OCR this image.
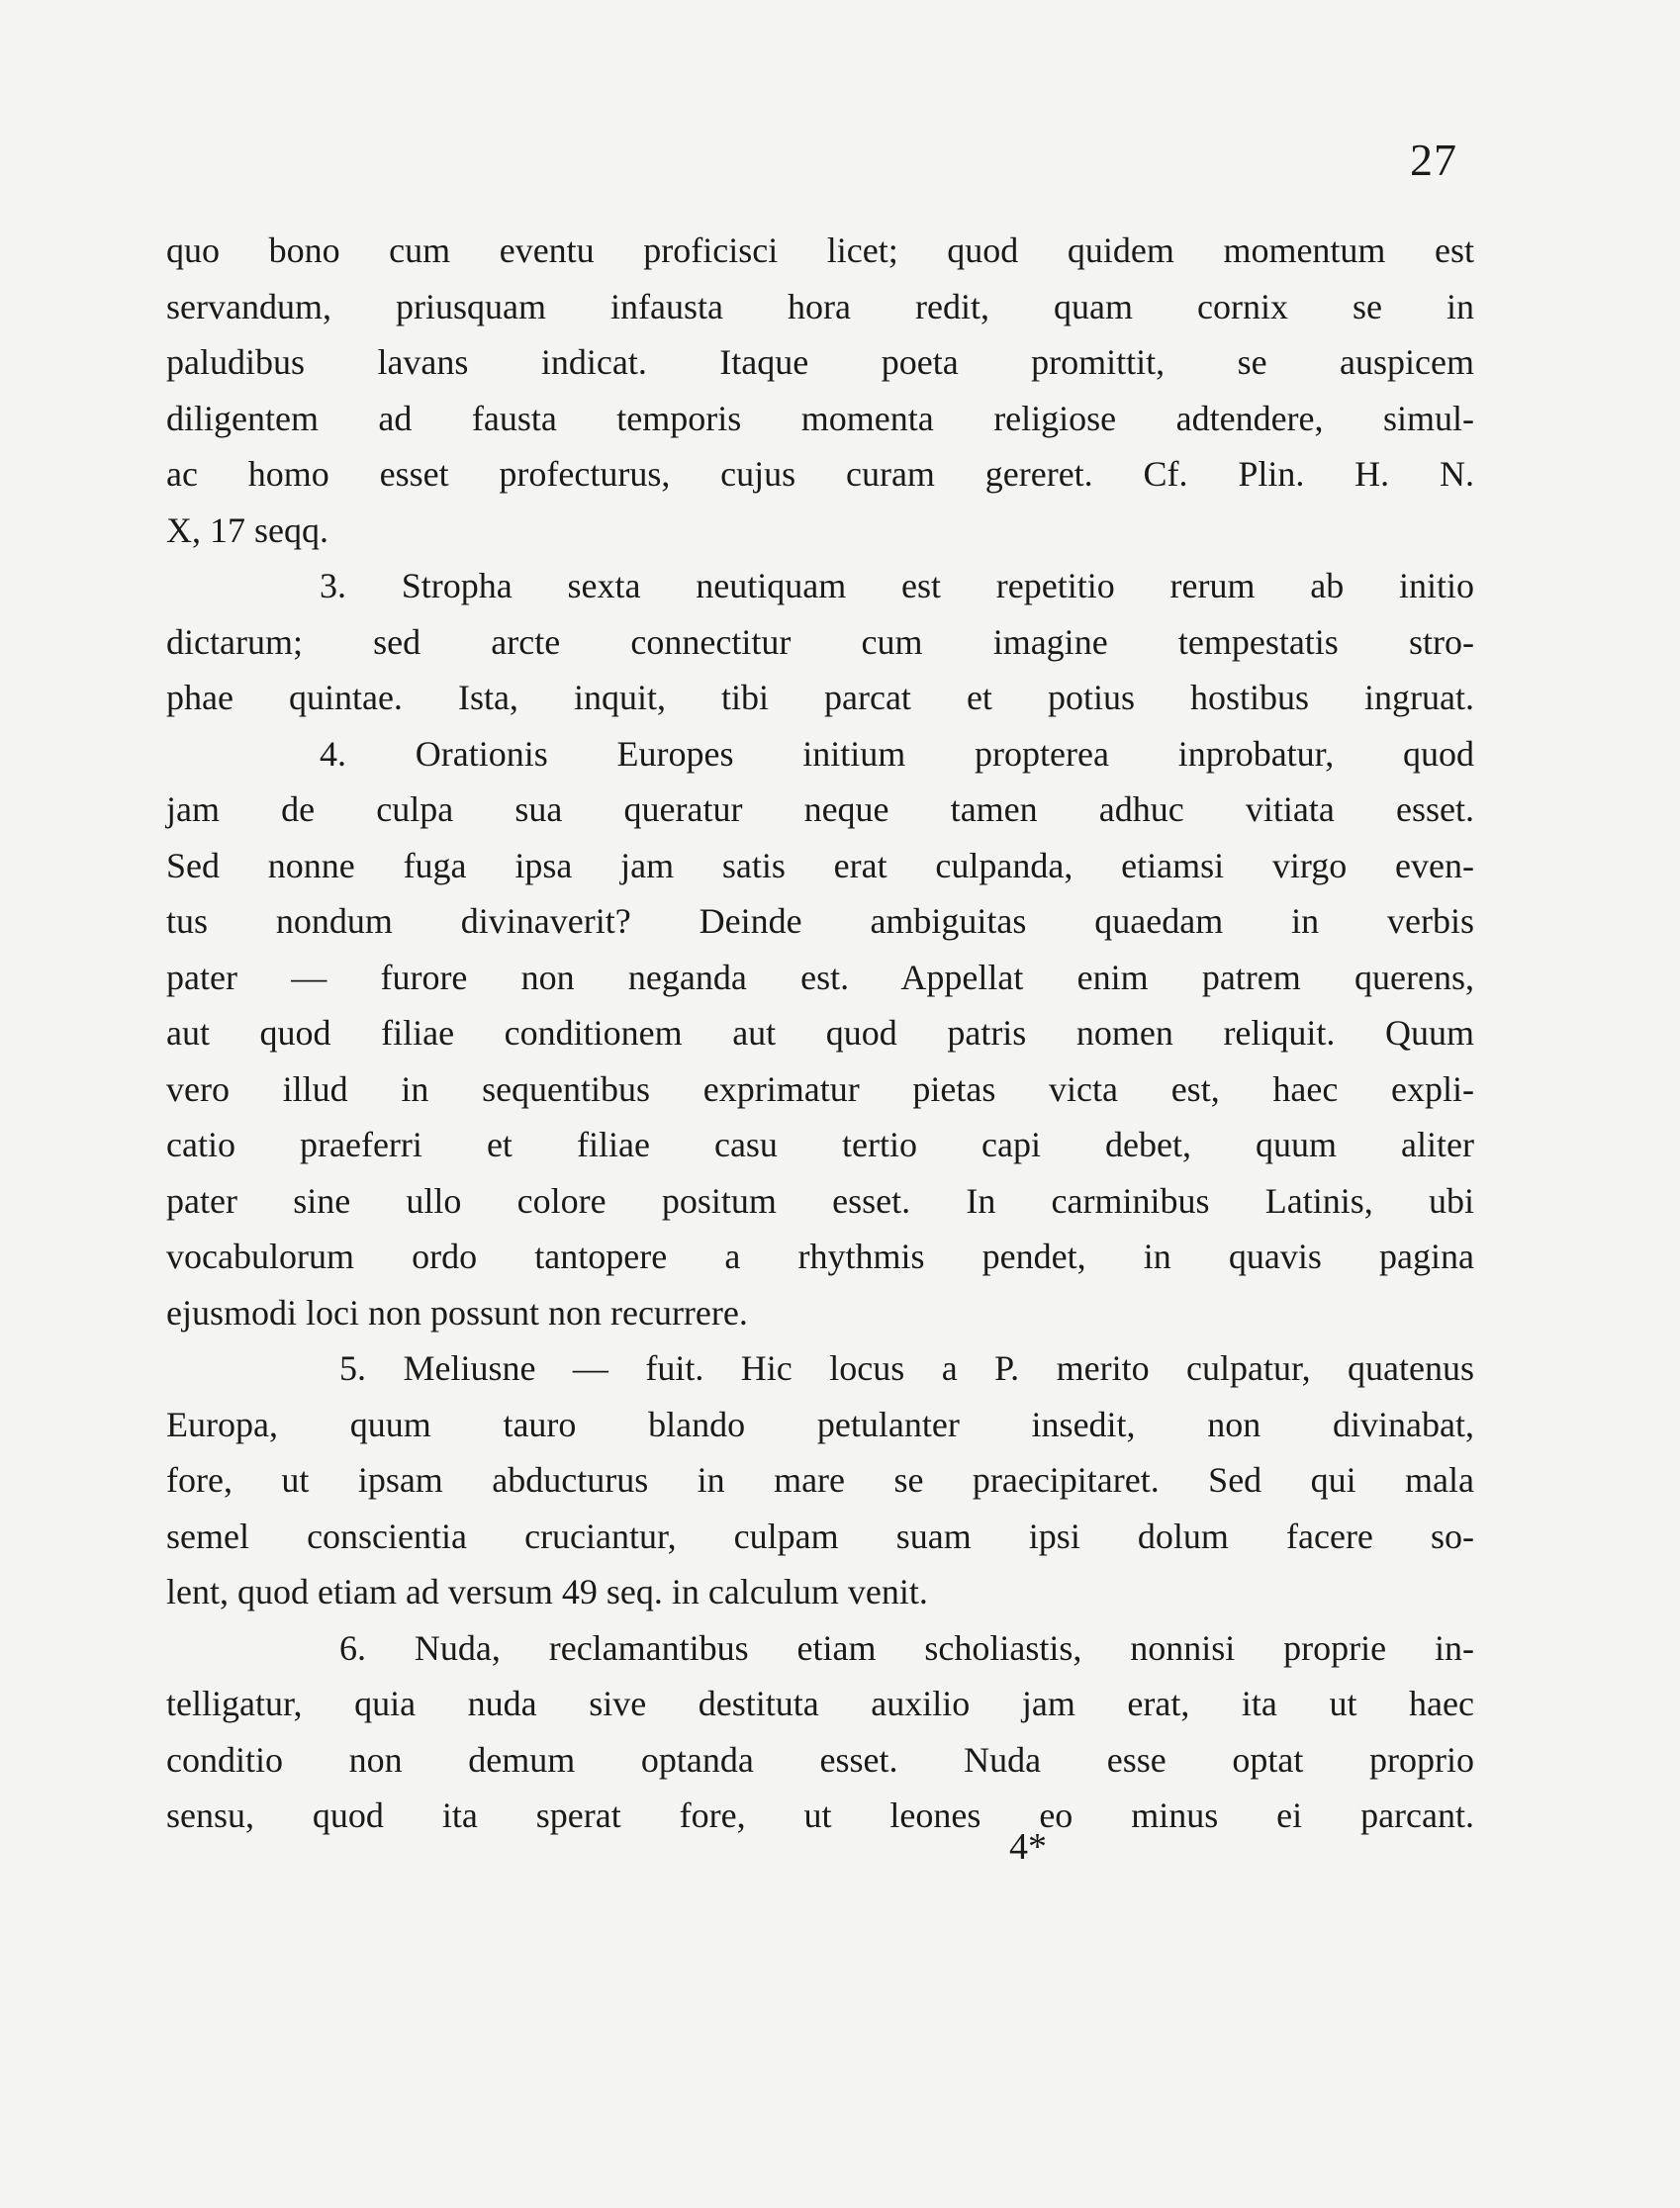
27
quo bono cum eventu proficisci licet; quod quidem momentum est
servandum, priusquam infausta hora redit, quam cornix se in
paludibus lavans indicat. Itaque poeta promittit, se auspicem
diligentem ad fausta temporis momenta religiose adtendere, simul-
ac homo esset profecturus, cujus curam gereret. Cf. Plin. H. N.
X, 17 seqq.
3. Stropha sexta neutiquam est repetitio rerum ab initio
dictarum; sed arcte connectitur cum imagine tempestatis stro-
phae quintae. Ista, inquit, tibi parcat et potius hostibus ingruat.
4. Orationis Europes initium propterea inprobatur, quod
jam de culpa sua queratur neque tamen adhuc vitiata esset.
Sed nonne fuga ipsa jam satis erat culpanda, etiamsi virgo even-
tus nondum divinaverit? Deinde ambiguitas quaedam in verbis
pater — furore non neganda est. Appellat enim patrem querens,
aut quod filiae conditionem aut quod patris nomen reliquit. Quum
vero illud in sequentibus exprimatur pietas victa est, haec expli-
catio praeferri et filiae casu tertio capi debet, quum aliter
pater sine ullo colore positum esset. In carminibus Latinis, ubi
vocabulorum ordo tantopere a rhythmis pendet, in quavis pagina
ejusmodi loci non possunt non recurrere.
5. Meliusne — fuit. Hic locus a P. merito culpatur, quatenus
Europa, quum tauro blando petulanter insedit, non divinabat,
fore, ut ipsam abducturus in mare se praecipitaret. Sed qui mala
semel conscientia cruciantur, culpam suam ipsi dolum facere so-
lent, quod etiam ad versum 49 seq. in calculum venit.
6. Nuda, reclamantibus etiam scholiastis, nonnisi proprie in-
telligatur, quia nuda sive destituta auxilio jam erat, ita ut haec
conditio non demum optanda esset. Nuda esse optat proprio
sensu, quod ita sperat fore, ut leones eo minus ei parcant.
4*
